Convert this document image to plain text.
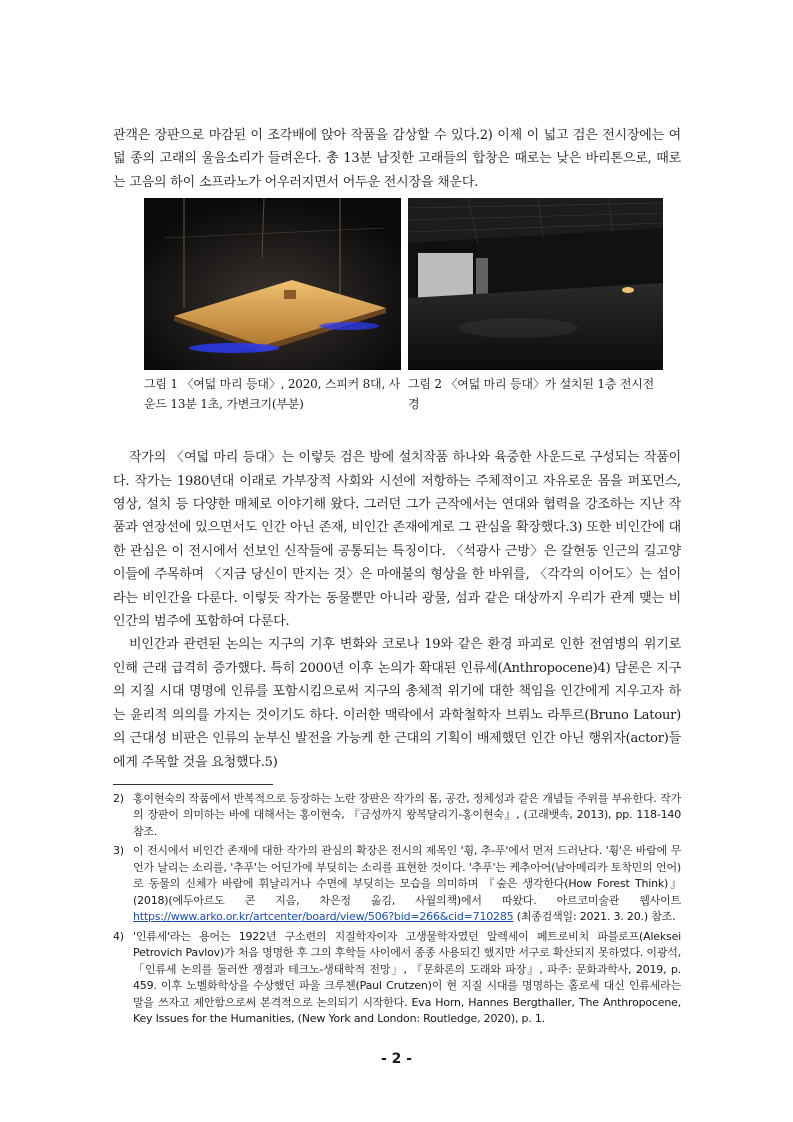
관객은 장판으로 마감된 이 조각배에 앉아 작품을 감상할 수 있다.2) 이제 이 넓고 검은 전시장에는 여덟 종의 고래의 울음소리가 들려온다. 총 13분 남짓한 고래들의 합창은 때로는 낮은 바리톤으로, 때로는 고음의 하이 소프라노가 어우러지면서 어두운 전시장을 채운다.

그림 1 〈여덟 마리 등대〉, 2020, 스피커 8대, 사운드 13분 1초, 가변크기(부분)
그림 2 〈여덟 마리 등대〉가 설치된 1층 전시전경

작가의 〈여덟 마리 등대〉는 이렇듯 검은 방에 설치작품 하나와 육중한 사운드로 구성되는 작품이다. 작가는 1980년대 이래로 가부장적 사회와 시선에 저항하는 주체적이고 자유로운 몸을 퍼포먼스, 영상, 설치 등 다양한 매체로 이야기해 왔다. 그러던 그가 근작에서는 연대와 협력을 강조하는 지난 작품과 연장선에 있으면서도 인간 아닌 존재, 비인간 존재에게로 그 관심을 확장했다.3) 또한 비인간에 대한 관심은 이 전시에서 선보인 신작들에 공통되는 특징이다. 〈석광사 근방〉은 갈현동 인근의 길고양이들에 주목하며 〈지금 당신이 만지는 것〉은 마애불의 형상을 한 바위를, 〈각각의 이어도〉는 섬이라는 비인간을 다룬다. 이렇듯 작가는 동물뿐만 아니라 광물, 섬과 같은 대상까지 우리가 관계 맺는 비인간의 범주에 포함하여 다룬다.

비인간과 관련된 논의는 지구의 기후 변화와 코로나 19와 같은 환경 파괴로 인한 전염병의 위기로 인해 근래 급격히 증가했다. 특히 2000년 이후 논의가 확대된 인류세(Anthropocene)4) 담론은 지구의 지질 시대 명명에 인류를 포함시킴으로써 지구의 총체적 위기에 대한 책임을 인간에게 지우고자 하는 윤리적 의의를 가지는 것이기도 하다. 이러한 맥락에서 과학철학자 브뤼노 라투르(Bruno Latour)의 근대성 비판은 인류의 눈부신 발전을 가능케 한 근대의 기획이 배제했던 인간 아닌 행위자(actor)들에게 주목할 것을 요청했다.5)

2) 홍이현숙의 작품에서 반복적으로 등장하는 노란 장판은 작가의 몸, 공간, 정체성과 같은 개념들 주위를 부유한다. 작가의 장판이 의미하는 바에 대해서는 홍이현숙, 『금성까지 왕복달리기-홍이현숙』, (고래뱃속, 2013), pp. 118-140 참조.
3) 이 전시에서 비인간 존재에 대한 작가의 관심의 확장은 전시의 제목인 '휭, 추-푸'에서 먼저 드러난다. '휭'은 바람에 무언가 날리는 소리를, '추푸'는 어딘가에 부딪히는 소리를 표현한 것이다. '추푸'는 케추아어(남아메리카 토착민의 언어)로 동물의 신체가 바람에 휘날리거나 수면에 부딪히는 모습을 의미하며 『숲은 생각한다(How Forest Think)』(2018)(에두아르도 콘 지음, 차은정 옮김, 사월의책)에서 따왔다. 아르코미술관 웹사이트 https://www.arko.or.kr/artcenter/board/view/506?bid=266&cid=710285 (최종검색일: 2021. 3. 20.) 참조.
4) '인류세'라는 용어는 1922년 구소련의 지질학자이자 고생물학자였던 알렉세이 페트로비치 파블로프(Aleksei Petrovich Pavlov)가 처음 명명한 후 그의 후학들 사이에서 종종 사용되긴 했지만 서구로 확산되지 못하였다. 이광석, 「인류세 논의를 둘러싼 쟁점과 테크노-생태학적 전망」, 『문화론의 도래와 파장』, 파주: 문화과학사, 2019, p. 459. 이후 노벨화학상을 수상했던 파울 크루첸(Paul Crutzen)이 현 지질 시대를 명명하는 홀로세 대신 인류세라는 말을 쓰자고 제안함으로써 본격적으로 논의되기 시작한다. Eva Horn, Hannes Bergthaller, The Anthropocene, Key Issues for the Humanities, (New York and London: Routledge, 2020), p. 1.
- 2 -
